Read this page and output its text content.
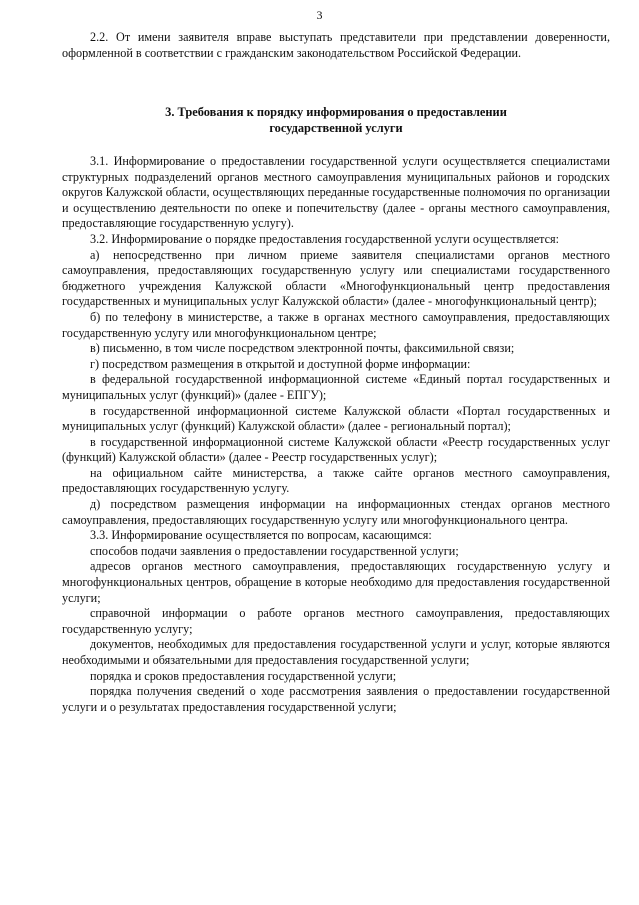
3

2.2. От имени заявителя вправе выступать представители при представлении доверенности, оформленной в соответствии с гражданским законодательством Российской Федерации.

3. Требования к порядку информирования о предоставлении
государственной услуги

3.1. Информирование о предоставлении государственной услуги осуществляется специалистами структурных подразделений органов местного самоуправления муниципальных районов и городских округов Калужской области, осуществляющих переданные государственные полномочия по организации и осуществлению деятельности по опеке и попечительству (далее - органы местного самоуправления, предоставляющие государственную услугу).

3.2. Информирование о порядке предоставления государственной услуги осуществляется:

а) непосредственно при личном приеме заявителя специалистами органов местного самоуправления, предоставляющих государственную услугу или специалистами государственного бюджетного учреждения Калужской области «Многофункциональный центр предоставления государственных и муниципальных услуг Калужской области» (далее - многофункциональный центр);

б) по телефону в министерстве, а также в органах местного самоуправления, предоставляющих государственную услугу или многофункциональном центре;

в) письменно, в том числе посредством электронной почты, факсимильной связи;

г) посредством размещения в открытой и доступной форме информации:

в федеральной государственной информационной системе «Единый портал государственных и муниципальных услуг (функций)» (далее - ЕПГУ);

в государственной информационной системе Калужской области «Портал государственных и муниципальных услуг (функций) Калужской области» (далее - региональный портал);

в государственной информационной системе Калужской области «Реестр государственных услуг (функций) Калужской области» (далее - Реестр государственных услуг);

на официальном сайте министерства, а также сайте органов местного самоуправления, предоставляющих государственную услугу.

д) посредством размещения информации на информационных стендах органов местного самоуправления, предоставляющих государственную услугу или многофункционального центра.

3.3. Информирование осуществляется по вопросам, касающимся:

способов подачи заявления о предоставлении государственной услуги;

адресов органов местного самоуправления, предоставляющих государственную услугу и многофункциональных центров, обращение в которые необходимо для предоставления государственной услуги;

справочной информации о работе органов местного самоуправления, предоставляющих государственную услугу;

документов, необходимых для предоставления государственной услуги и услуг, которые являются необходимыми и обязательными для предоставления государственной услуги;

порядка и сроков предоставления государственной услуги;

порядка получения сведений о ходе рассмотрения заявления о предоставлении государственной услуги и о результатах предоставления государственной услуги;
